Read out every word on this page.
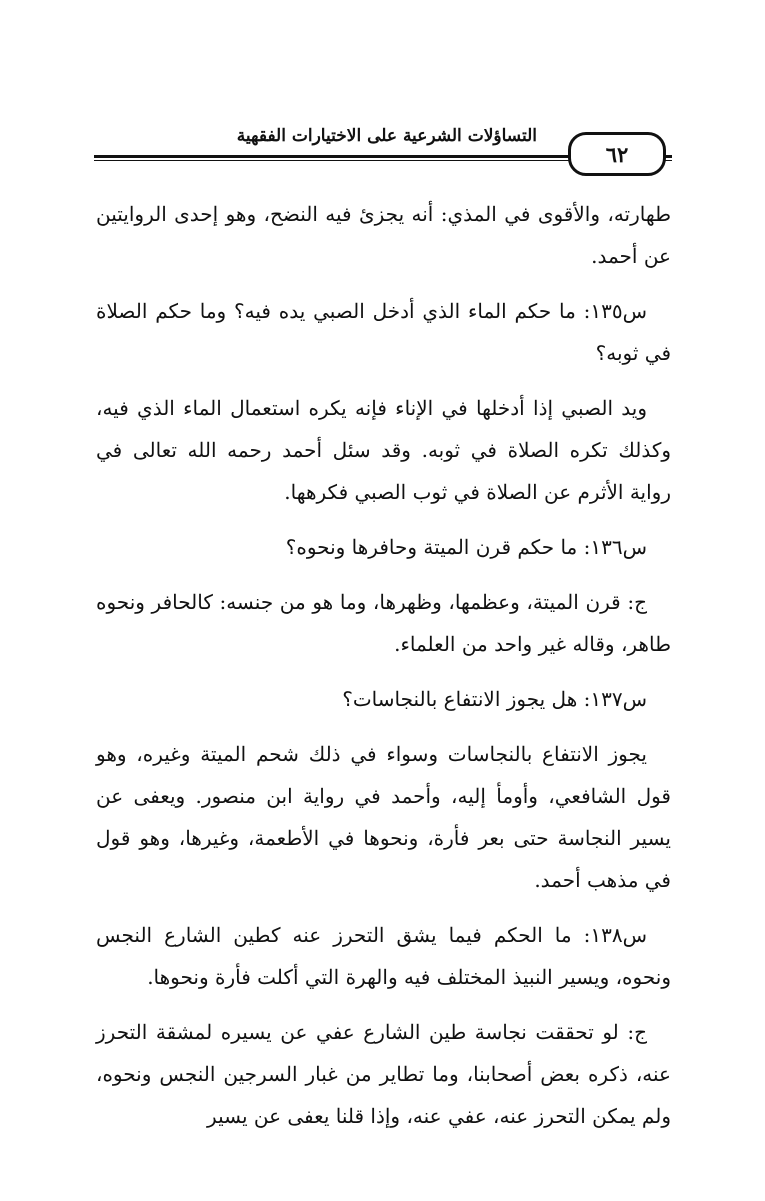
التساؤلات الشرعية على الاختيارات الفقهية
٦٢

طهارته، والأقوى في المذي: أنه يجزئ فيه النضح، وهو إحدى الروايتين عن أحمد.

س١٣٥: ما حكم الماء الذي أدخل الصبي يده فيه؟ وما حكم الصلاة في ثوبه؟

ويد الصبي إذا أدخلها في الإناء فإنه يكره استعمال الماء الذي فيه، وكذلك تكره الصلاة في ثوبه. وقد سئل أحمد رحمه الله تعالى في رواية الأثرم عن الصلاة في ثوب الصبي فكرهها.

س١٣٦: ما حكم قرن الميتة وحافرها ونحوه؟

ج: قرن الميتة، وعظمها، وظهرها، وما هو من جنسه: كالحافر ونحوه طاهر، وقاله غير واحد من العلماء.

س١٣٧: هل يجوز الانتفاع بالنجاسات؟

يجوز الانتفاع بالنجاسات وسواء في ذلك شحم الميتة وغيره، وهو قول الشافعي، وأومأ إليه، وأحمد في رواية ابن منصور. ويعفى عن يسير النجاسة حتى بعر فأرة، ونحوها في الأطعمة، وغيرها، وهو قول في مذهب أحمد.

س١٣٨: ما الحكم فيما يشق التحرز عنه كطين الشارع النجس ونحوه، ويسير النبيذ المختلف فيه والهرة التي أكلت فأرة ونحوها.

ج: لو تحققت نجاسة طين الشارع عفي عن يسيره لمشقة التحرز عنه، ذكره بعض أصحابنا، وما تطاير من غبار السرجين النجس ونحوه، ولم يمكن التحرز عنه، عفي عنه، وإذا قلنا يعفى عن يسير
